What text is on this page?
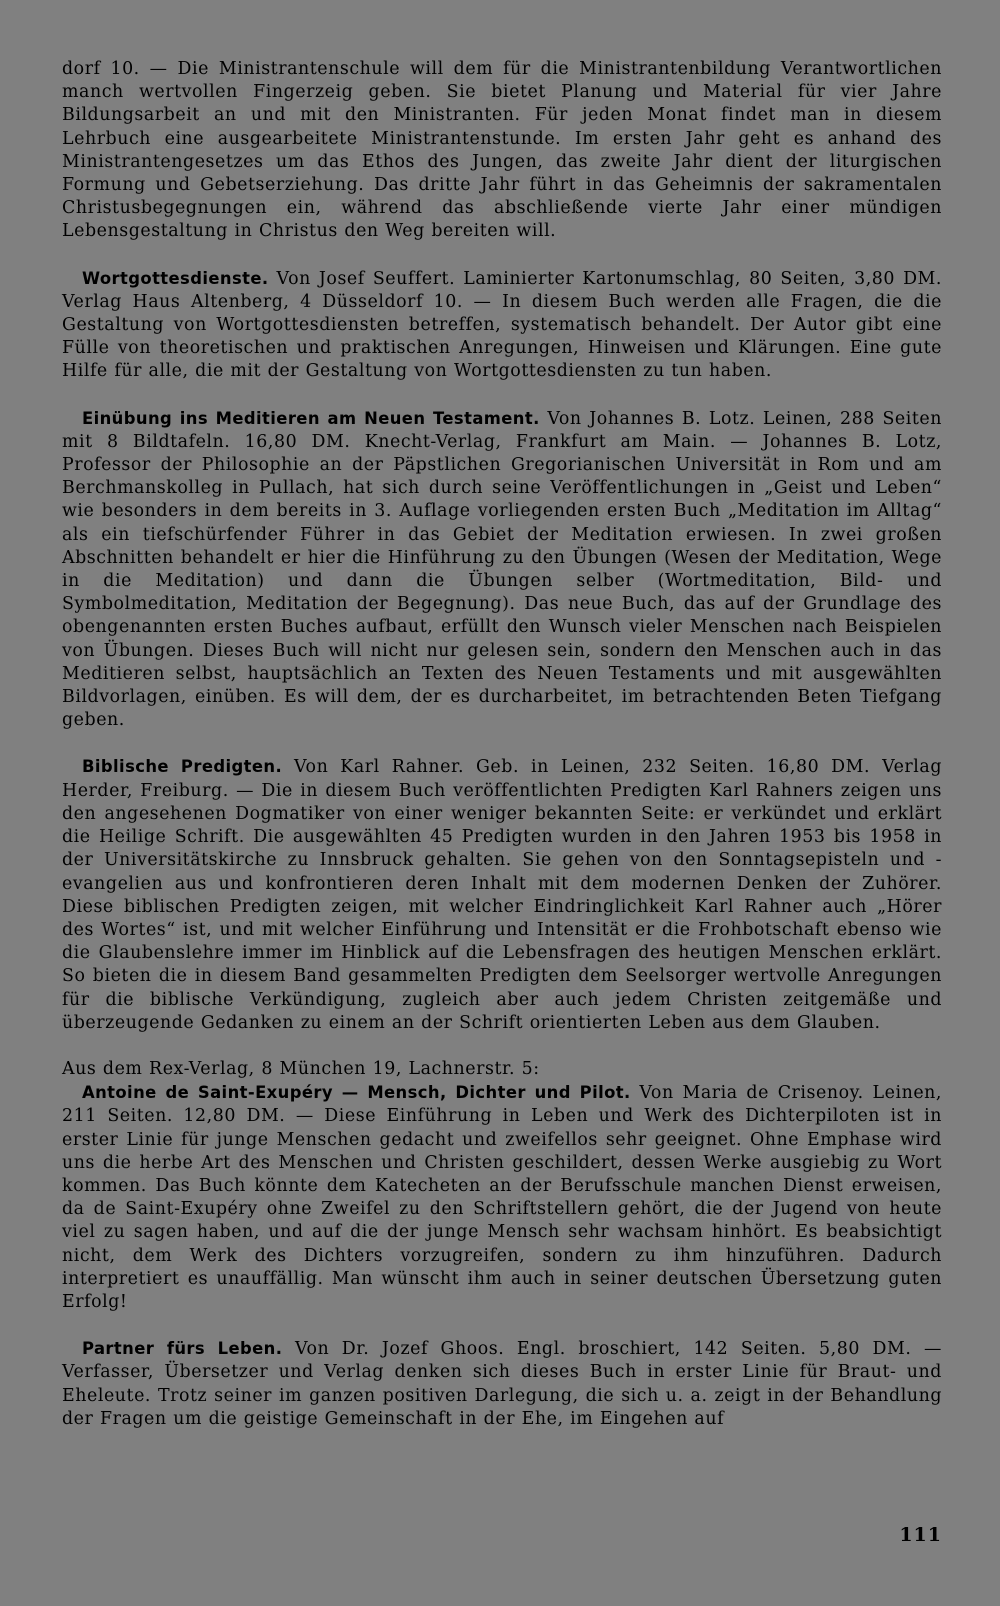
dorf 10. — Die Ministrantenschule will dem für die Ministrantenbildung Verantwortlichen manch wertvollen Fingerzeig geben. Sie bietet Planung und Material für vier Jahre Bildungsarbeit an und mit den Ministranten. Für jeden Monat findet man in diesem Lehrbuch eine ausgearbeitete Ministrantenstunde. Im ersten Jahr geht es anhand des Ministrantengesetzes um das Ethos des Jungen, das zweite Jahr dient der liturgischen Formung und Gebetserziehung. Das dritte Jahr führt in das Geheimnis der sakramentalen Christusbegegnungen ein, während das abschließende vierte Jahr einer mündigen Lebensgestaltung in Christus den Weg bereiten will.

Wortgottesdienste. Von Josef Seuffert. Laminierter Kartonumschlag, 80 Seiten, 3,80 DM. Verlag Haus Altenberg, 4 Düsseldorf 10. — In diesem Buch werden alle Fragen, die die Gestaltung von Wortgottesdiensten betreffen, systematisch behandelt. Der Autor gibt eine Fülle von theoretischen und praktischen Anregungen, Hinweisen und Klärungen. Eine gute Hilfe für alle, die mit der Gestaltung von Wortgottesdiensten zu tun haben.

Einübung ins Meditieren am Neuen Testament. Von Johannes B. Lotz. Leinen, 288 Seiten mit 8 Bildtafeln. 16,80 DM. Knecht-Verlag, Frankfurt am Main. — Johannes B. Lotz, Professor der Philosophie an der Päpstlichen Gregorianischen Universität in Rom und am Berchmanskolleg in Pullach, hat sich durch seine Veröffentlichungen in „Geist und Leben“ wie besonders in dem bereits in 3. Auflage vorliegenden ersten Buch „Meditation im Alltag“ als ein tiefschürfender Führer in das Gebiet der Meditation erwiesen. In zwei großen Abschnitten behandelt er hier die Hinführung zu den Übungen (Wesen der Meditation, Wege in die Meditation) und dann die Übungen selber (Wortmeditation, Bild- und Symbolmeditation, Meditation der Begegnung). Das neue Buch, das auf der Grundlage des obengenannten ersten Buches aufbaut, erfüllt den Wunsch vieler Menschen nach Beispielen von Übungen. Dieses Buch will nicht nur gelesen sein, sondern den Menschen auch in das Meditieren selbst, hauptsächlich an Texten des Neuen Testaments und mit ausgewählten Bildvorlagen, einüben. Es will dem, der es durcharbeitet, im betrachtenden Beten Tiefgang geben.

Biblische Predigten. Von Karl Rahner. Geb. in Leinen, 232 Seiten. 16,80 DM. Verlag Herder, Freiburg. — Die in diesem Buch veröffentlichten Predigten Karl Rahners zeigen uns den angesehenen Dogmatiker von einer weniger bekannten Seite: er verkündet und erklärt die Heilige Schrift. Die ausgewählten 45 Predigten wurden in den Jahren 1953 bis 1958 in der Universitätskirche zu Innsbruck gehalten. Sie gehen von den Sonntagsepisteln und -evangelien aus und konfrontieren deren Inhalt mit dem modernen Denken der Zuhörer. Diese biblischen Predigten zeigen, mit welcher Eindringlichkeit Karl Rahner auch „Hörer des Wortes“ ist, und mit welcher Einführung und Intensität er die Frohbotschaft ebenso wie die Glaubenslehre immer im Hinblick auf die Lebensfragen des heutigen Menschen erklärt. So bieten die in diesem Band gesammelten Predigten dem Seelsorger wertvolle Anregungen für die biblische Verkündigung, zugleich aber auch jedem Christen zeitgemäße und überzeugende Gedanken zu einem an der Schrift orientierten Leben aus dem Glauben.

Aus dem Rex-Verlag, 8 München 19, Lachnerstr. 5:

Antoine de Saint-Exupéry — Mensch, Dichter und Pilot. Von Maria de Crisenoy. Leinen, 211 Seiten. 12,80 DM. — Diese Einführung in Leben und Werk des Dichterpiloten ist in erster Linie für junge Menschen gedacht und zweifellos sehr geeignet. Ohne Emphase wird uns die herbe Art des Menschen und Christen geschildert, dessen Werke ausgiebig zu Wort kommen. Das Buch könnte dem Katecheten an der Berufsschule manchen Dienst erweisen, da de Saint-Exupéry ohne Zweifel zu den Schriftstellern gehört, die der Jugend von heute viel zu sagen haben, und auf die der junge Mensch sehr wachsam hinhört. Es beabsichtigt nicht, dem Werk des Dichters vorzugreifen, sondern zu ihm hinzuführen. Dadurch interpretiert es unauffällig. Man wünscht ihm auch in seiner deutschen Übersetzung guten Erfolg!

Partner fürs Leben. Von Dr. Jozef Ghoos. Engl. broschiert, 142 Seiten. 5,80 DM. — Verfasser, Übersetzer und Verlag denken sich dieses Buch in erster Linie für Braut- und Eheleute. Trotz seiner im ganzen positiven Darlegung, die sich u. a. zeigt in der Behandlung der Fragen um die geistige Gemeinschaft in der Ehe, im Eingehen auf

111
